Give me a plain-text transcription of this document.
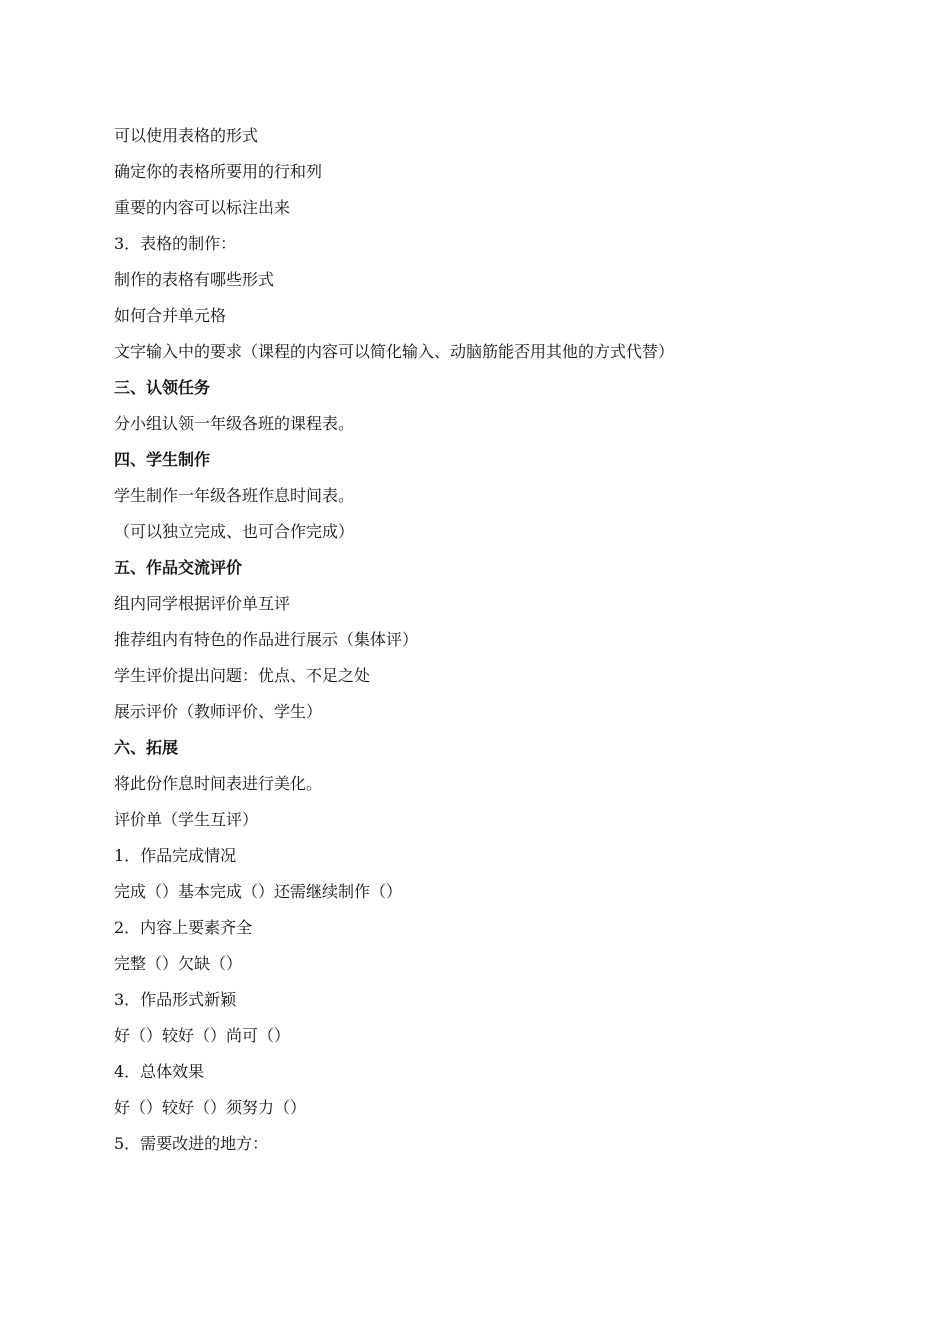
可以使用表格的形式
确定你的表格所要用的行和列
重要的内容可以标注出来
3．表格的制作：
制作的表格有哪些形式
如何合并单元格
文字输入中的要求（课程的内容可以简化输入、动脑筋能否用其他的方式代替）
三、认领任务
分小组认领一年级各班的课程表。
四、学生制作
学生制作一年级各班作息时间表。
（可以独立完成、也可合作完成）
五、作品交流评价
组内同学根据评价单互评
推荐组内有特色的作品进行展示（集体评）
学生评价提出问题：优点、不足之处
展示评价（教师评价、学生）
六、拓展
将此份作息时间表进行美化。
评价单（学生互评）
1．作品完成情况
完成（）基本完成（）还需继续制作（）
2．内容上要素齐全
完整（）欠缺（）
3．作品形式新颖
好（）较好（）尚可（）
4．总体效果
好（）较好（）须努力（）
5．需要改进的地方：
